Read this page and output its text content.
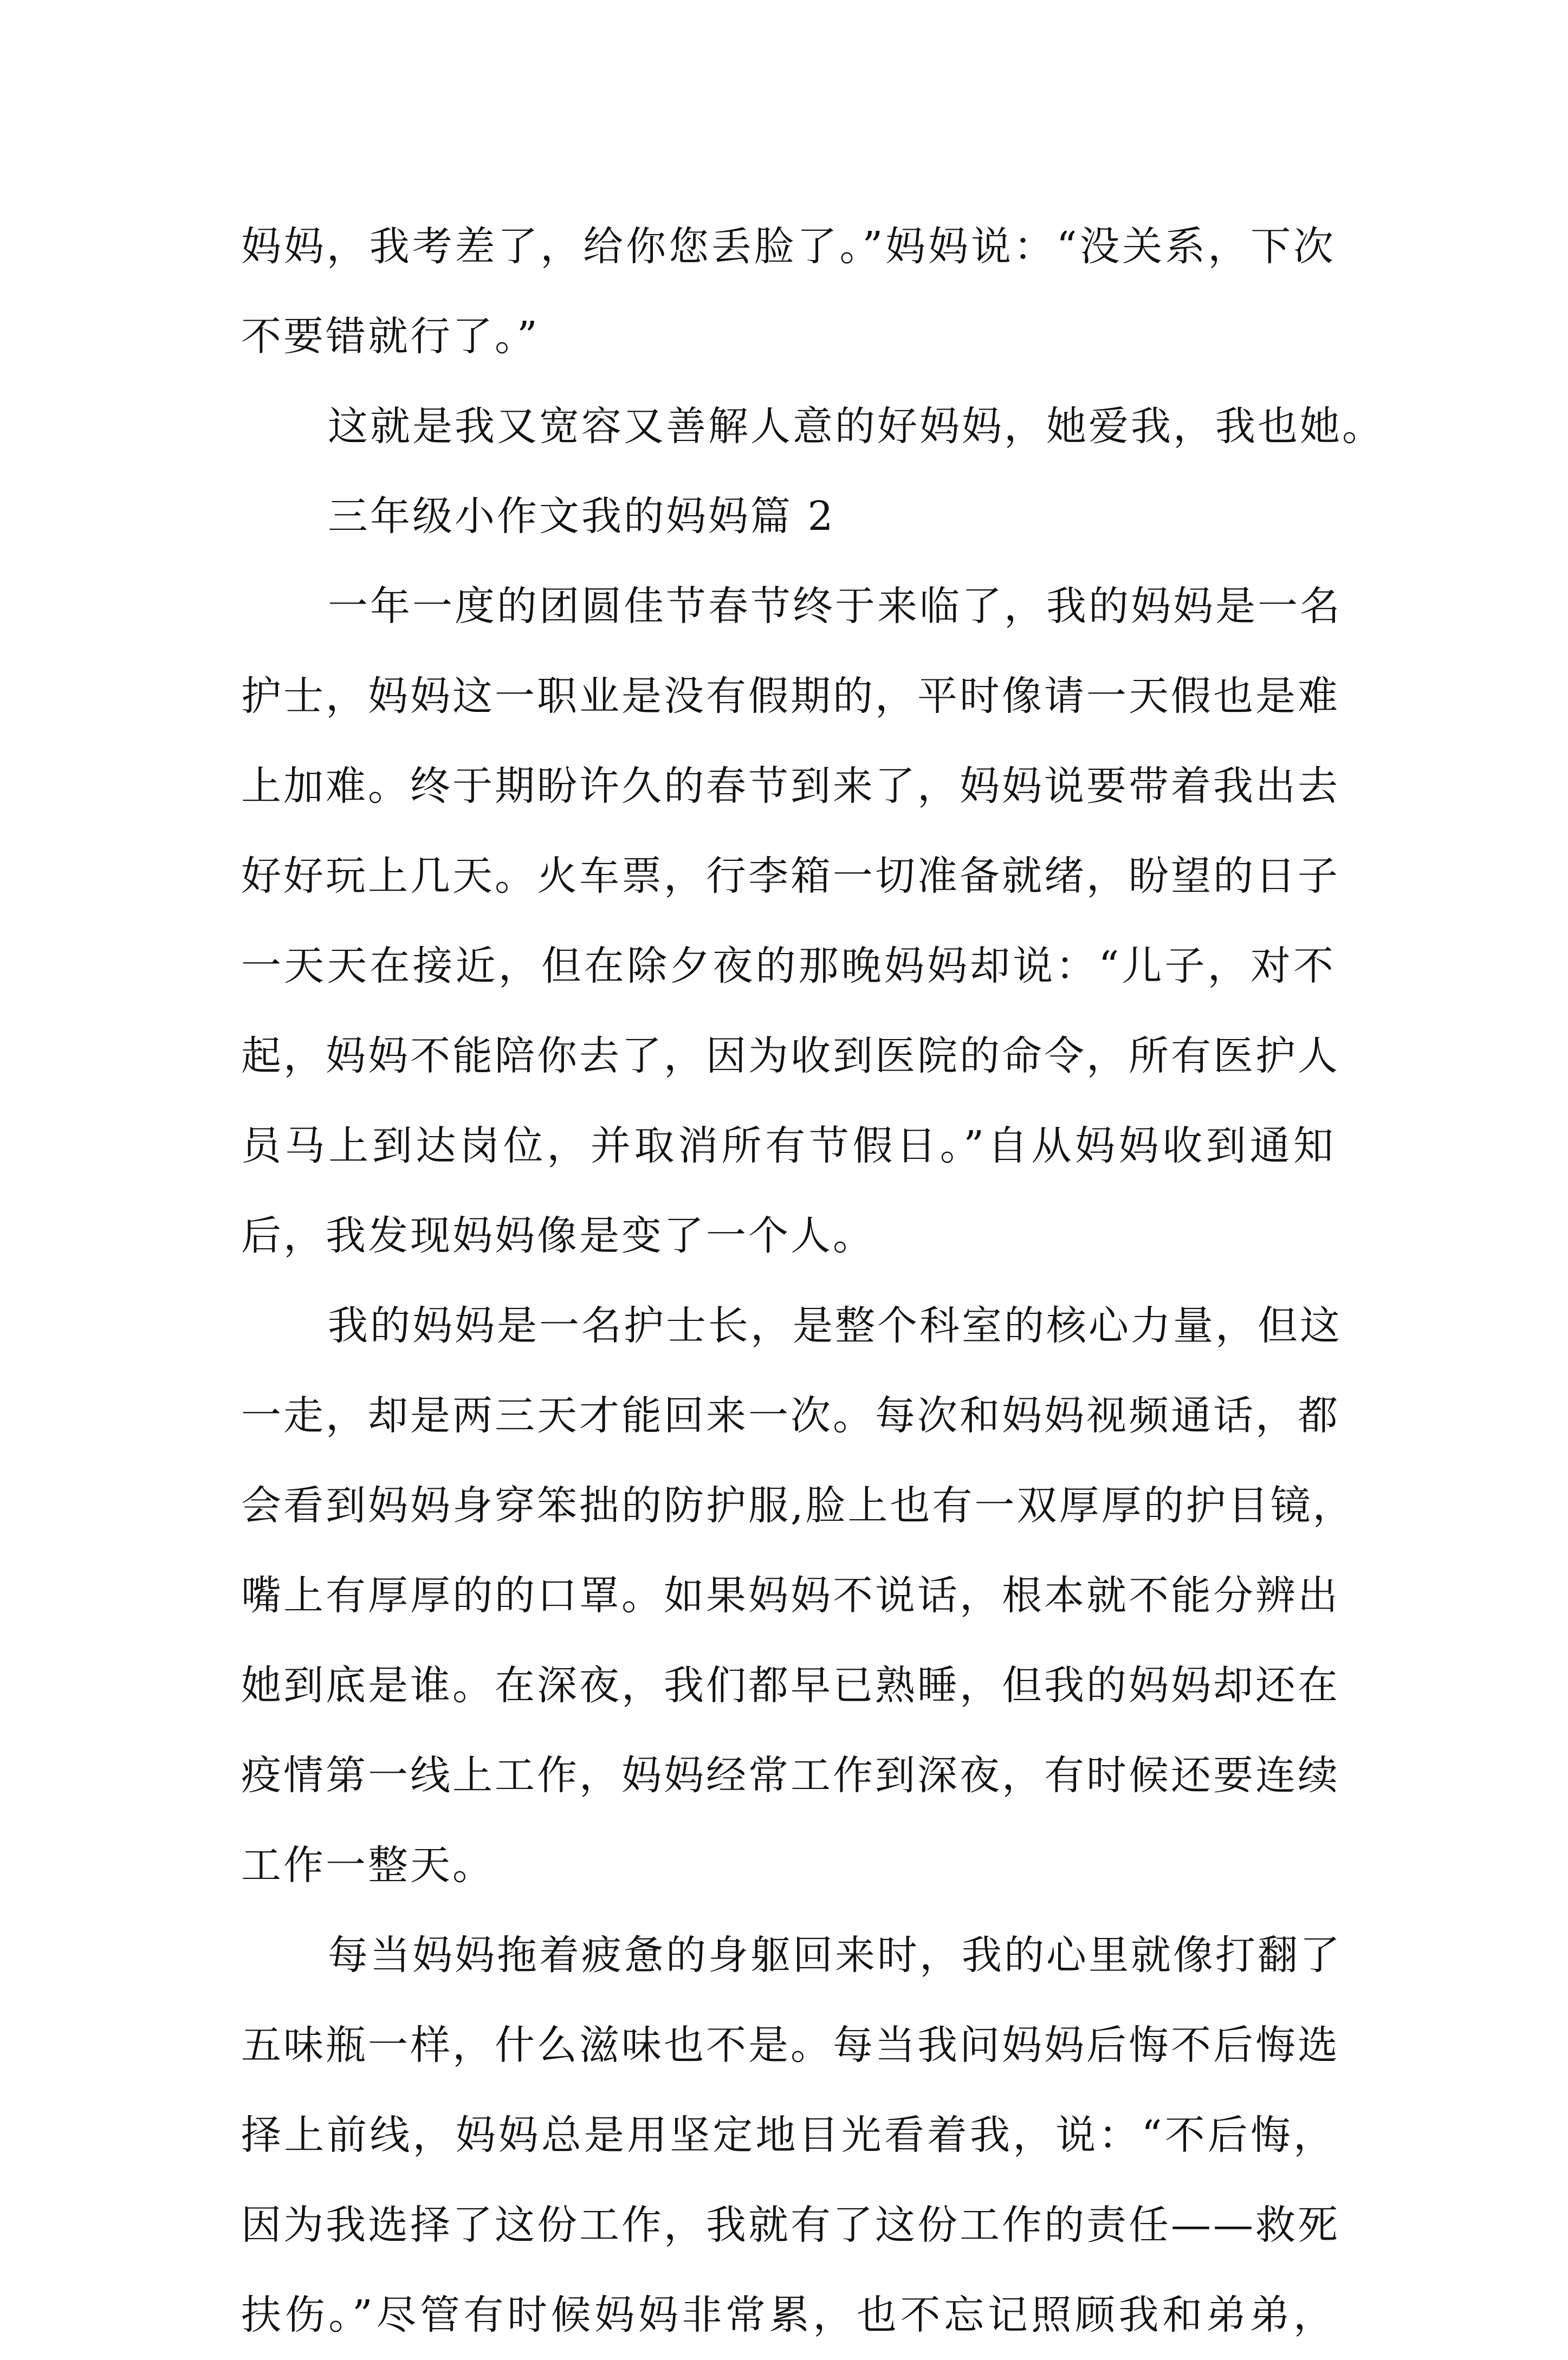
妈妈，我考差了，给你您丢脸了。”妈妈说：“没关系，下次
不要错就行了。”
这就是我又宽容又善解人意的好妈妈，她爱我，我也她。
三年级小作文我的妈妈篇 2
一年一度的团圆佳节春节终于来临了，我的妈妈是一名
护士，妈妈这一职业是没有假期的，平时像请一天假也是难
上加难。终于期盼许久的春节到来了，妈妈说要带着我出去
好好玩上几天。火车票，行李箱一切准备就绪，盼望的日子
一天天在接近，但在除夕夜的那晚妈妈却说：“儿子，对不
起，妈妈不能陪你去了，因为收到医院的命令，所有医护人
员马上到达岗位，并取消所有节假日。”自从妈妈收到通知
后，我发现妈妈像是变了一个人。
我的妈妈是一名护士长，是整个科室的核心力量，但这
一走，却是两三天才能回来一次。每次和妈妈视频通话，都
会看到妈妈身穿笨拙的防护服,脸上也有一双厚厚的护目镜，
嘴上有厚厚的的口罩。如果妈妈不说话，根本就不能分辨出
她到底是谁。在深夜，我们都早已熟睡，但我的妈妈却还在
疫情第一线上工作，妈妈经常工作到深夜，有时候还要连续
工作一整天。
每当妈妈拖着疲惫的身躯回来时，我的心里就像打翻了
五味瓶一样，什么滋味也不是。每当我问妈妈后悔不后悔选
择上前线，妈妈总是用坚定地目光看着我，说：“不后悔，
因为我选择了这份工作，我就有了这份工作的责任——救死
扶伤。”尽管有时候妈妈非常累，也不忘记照顾我和弟弟，
